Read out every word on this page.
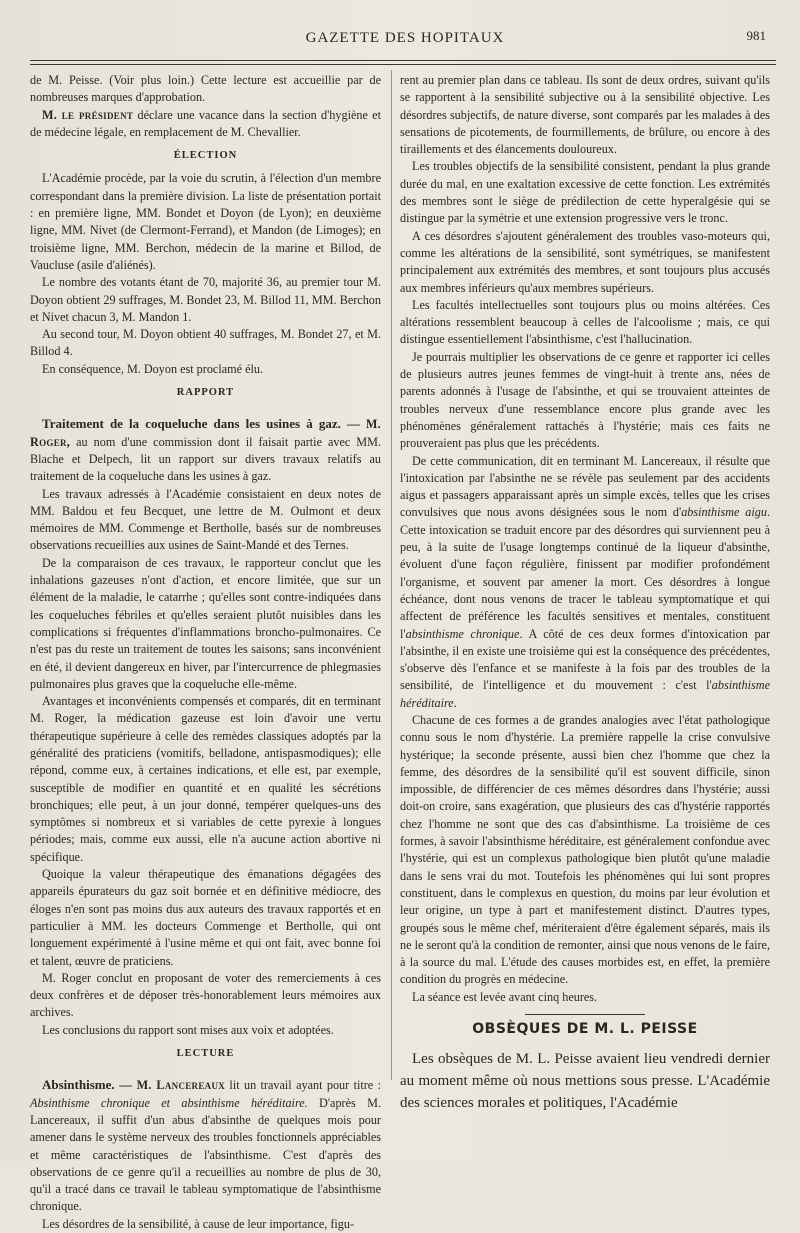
GAZETTE DES HOPITAUX	981

de M. Peisse. (Voir plus loin.) Cette lecture est accueillie par de nombreuses marques d'approbation.

M. le président déclare une vacance dans la section d'hygiène et de médecine légale, en remplacement de M. Chevallier.

ÉLECTION

L'Académie procède, par la voie du scrutin, à l'élection d'un membre correspondant dans la première division. La liste de présentation portait : en première ligne, MM. Bondet et Doyon (de Lyon); en deuxième ligne, MM. Nivet (de Clermont-Ferrand), et Mandon (de Limoges); en troisième ligne, MM. Berchon, médecin de la marine et Billod, de Vaucluse (asile d'aliénés).

Le nombre des votants étant de 70, majorité 36, au premier tour M. Doyon obtient 29 suffrages, M. Bondet 23, M. Billod 11, MM. Berchon et Nivet chacun 3, M. Mandon 1.

Au second tour, M. Doyon obtient 40 suffrages, M. Bondet 27, et M. Billod 4.

En conséquence, M. Doyon est proclamé élu.

RAPPORT

Traitement de la coqueluche dans les usines à gaz. — M. Roger, au nom d'une commission dont il faisait partie avec MM. Blache et Delpech, lit un rapport sur divers travaux relatifs au traitement de la coqueluche dans les usines à gaz.

Les travaux adressés à l'Académie consistaient en deux notes de MM. Baldou et feu Becquet, une lettre de M. Oulmont et deux mémoires de MM. Commenge et Bertholle, basés sur de nombreuses observations recueillies aux usines de Saint-Mandé et des Ternes.

De la comparaison de ces travaux, le rapporteur conclut que les inhalations gazeuses n'ont d'action, et encore limitée, que sur un élément de la maladie, le catarrhe ; qu'elles sont contre-indiquées dans les coqueluches fébriles et qu'elles seraient plutôt nuisibles dans les complications si fréquentes d'inflammations broncho-pulmonaires. Ce n'est pas du reste un traitement de toutes les saisons; sans inconvénient en été, il devient dangereux en hiver, par l'intercurrence de phlegmasies pulmonaires plus graves que la coqueluche elle-même.

Avantages et inconvénients compensés et comparés, dit en terminant M. Roger, la médication gazeuse est loin d'avoir une vertu thérapeutique supérieure à celle des remèdes classiques adoptés par la généralité des praticiens (vomitifs, belladone, antispasmodiques); elle répond, comme eux, à certaines indications, et elle est, par exemple, susceptible de modifier en quantité et en qualité les sécrétions bronchiques; elle peut, à un jour donné, tempérer quelques-uns des symptômes si nombreux et si variables de cette pyrexie à longues périodes; mais, comme eux aussi, elle n'a aucune action abortive ni spécifique.

Quoique la valeur thérapeutique des émanations dégagées des appareils épurateurs du gaz soit bornée et en définitive médiocre, des éloges n'en sont pas moins dus aux auteurs des travaux rapportés et en particulier à MM. les docteurs Commenge et Bertholle, qui ont longuement expérimenté à l'usine même et qui ont fait, avec bonne foi et talent, œuvre de praticiens.

M. Roger conclut en proposant de voter des remerciements à ces deux confrères et de déposer très-honorablement leurs mémoires aux archives.

Les conclusions du rapport sont mises aux voix et adoptées.

LECTURE

Absinthisme. — M. Lancereaux lit un travail ayant pour titre : Absinthisme chronique et absinthisme héréditaire. D'après M. Lancereaux, il suffit d'un abus d'absinthe de quelques mois pour amener dans le système nerveux des troubles fonctionnels appréciables et même caractéristiques de l'absinthisme. C'est d'après des observations de ce genre qu'il a recueillies au nombre de plus de 30, qu'il a tracé dans ce travail le tableau symptomatique de l'absinthisme chronique.

Les désordres de la sensibilité, à cause de leur importance, figu-

rent au premier plan dans ce tableau. Ils sont de deux ordres, suivant qu'ils se rapportent à la sensibilité subjective ou à la sensibilité objective. Les désordres subjectifs, de nature diverse, sont comparés par les malades à des sensations de picotements, de fourmillements, de brûlure, ou encore à des tiraillements et des élancements douloureux.

Les troubles objectifs de la sensibilité consistent, pendant la plus grande durée du mal, en une exaltation excessive de cette fonction. Les extrémités des membres sont le siège de prédilection de cette hyperalgésie qui se distingue par la symétrie et une extension progressive vers le tronc.

A ces désordres s'ajoutent généralement des troubles vaso-moteurs qui, comme les altérations de la sensibilité, sont symétriques, se manifestent principalement aux extrémités des membres, et sont toujours plus accusés aux membres inférieurs qu'aux membres supérieurs.

Les facultés intellectuelles sont toujours plus ou moins altérées. Ces altérations ressemblent beaucoup à celles de l'alcoolisme ; mais, ce qui distingue essentiellement l'absinthisme, c'est l'hallucination.

Je pourrais multiplier les observations de ce genre et rapporter ici celles de plusieurs autres jeunes femmes de vingt-huit à trente ans, nées de parents adonnés à l'usage de l'absinthe, et qui se trouvaient atteintes de troubles nerveux d'une ressemblance encore plus grande avec les phénomènes généralement rattachés à l'hystérie; mais ces faits ne prouveraient pas plus que les précédents.

De cette communication, dit en terminant M. Lancereaux, il résulte que l'intoxication par l'absinthe ne se révèle pas seulement par des accidents aigus et passagers apparaissant après un simple excès, telles que les crises convulsives que nous avons désignées sous le nom d'absinthisme aigu. Cette intoxication se traduit encore par des désordres qui surviennent peu à peu, à la suite de l'usage longtemps continué de la liqueur d'absinthe, évoluent d'une façon régulière, finissent par modifier profondément l'organisme, et souvent par amener la mort. Ces désordres à longue échéance, dont nous venons de tracer le tableau symptomatique et qui affectent de préférence les facultés sensitives et mentales, constituent l'absinthisme chronique. A côté de ces deux formes d'intoxication par l'absinthe, il en existe une troisième qui est la conséquence des précédentes, s'observe dès l'enfance et se manifeste à la fois par des troubles de la sensibilité, de l'intelligence et du mouvement : c'est l'absinthisme héréditaire.

Chacune de ces formes a de grandes analogies avec l'état pathologique connu sous le nom d'hystérie. La première rappelle la crise convulsive hystérique; la seconde présente, aussi bien chez l'homme que chez la femme, des désordres de la sensibilité qu'il est souvent difficile, sinon impossible, de différencier de ces mêmes désordres dans l'hystérie; aussi doit-on croire, sans exagération, que plusieurs des cas d'hystérie rapportés chez l'homme ne sont que des cas d'absinthisme. La troisième de ces formes, à savoir l'absinthisme héréditaire, est généralement confondue avec l'hystérie, qui est un complexus pathologique bien plutôt qu'une maladie dans le sens vrai du mot. Toutefois les phénomènes qui lui sont propres constituent, dans le complexus en question, du moins par leur évolution et leur origine, un type à part et manifestement distinct. D'autres types, groupés sous le même chef, mériteraient d'être également séparés, mais ils ne le seront qu'à la condition de remonter, ainsi que nous venons de le faire, à la source du mal. L'étude des causes morbides est, en effet, la première condition du progrès en médecine.

La séance est levée avant cinq heures.

OBSÈQUES DE M. L. PEISSE

Les obsèques de M. L. Peisse avaient lieu vendredi dernier au moment même où nous mettions sous presse. L'Académie des sciences morales et politiques, l'Académie
